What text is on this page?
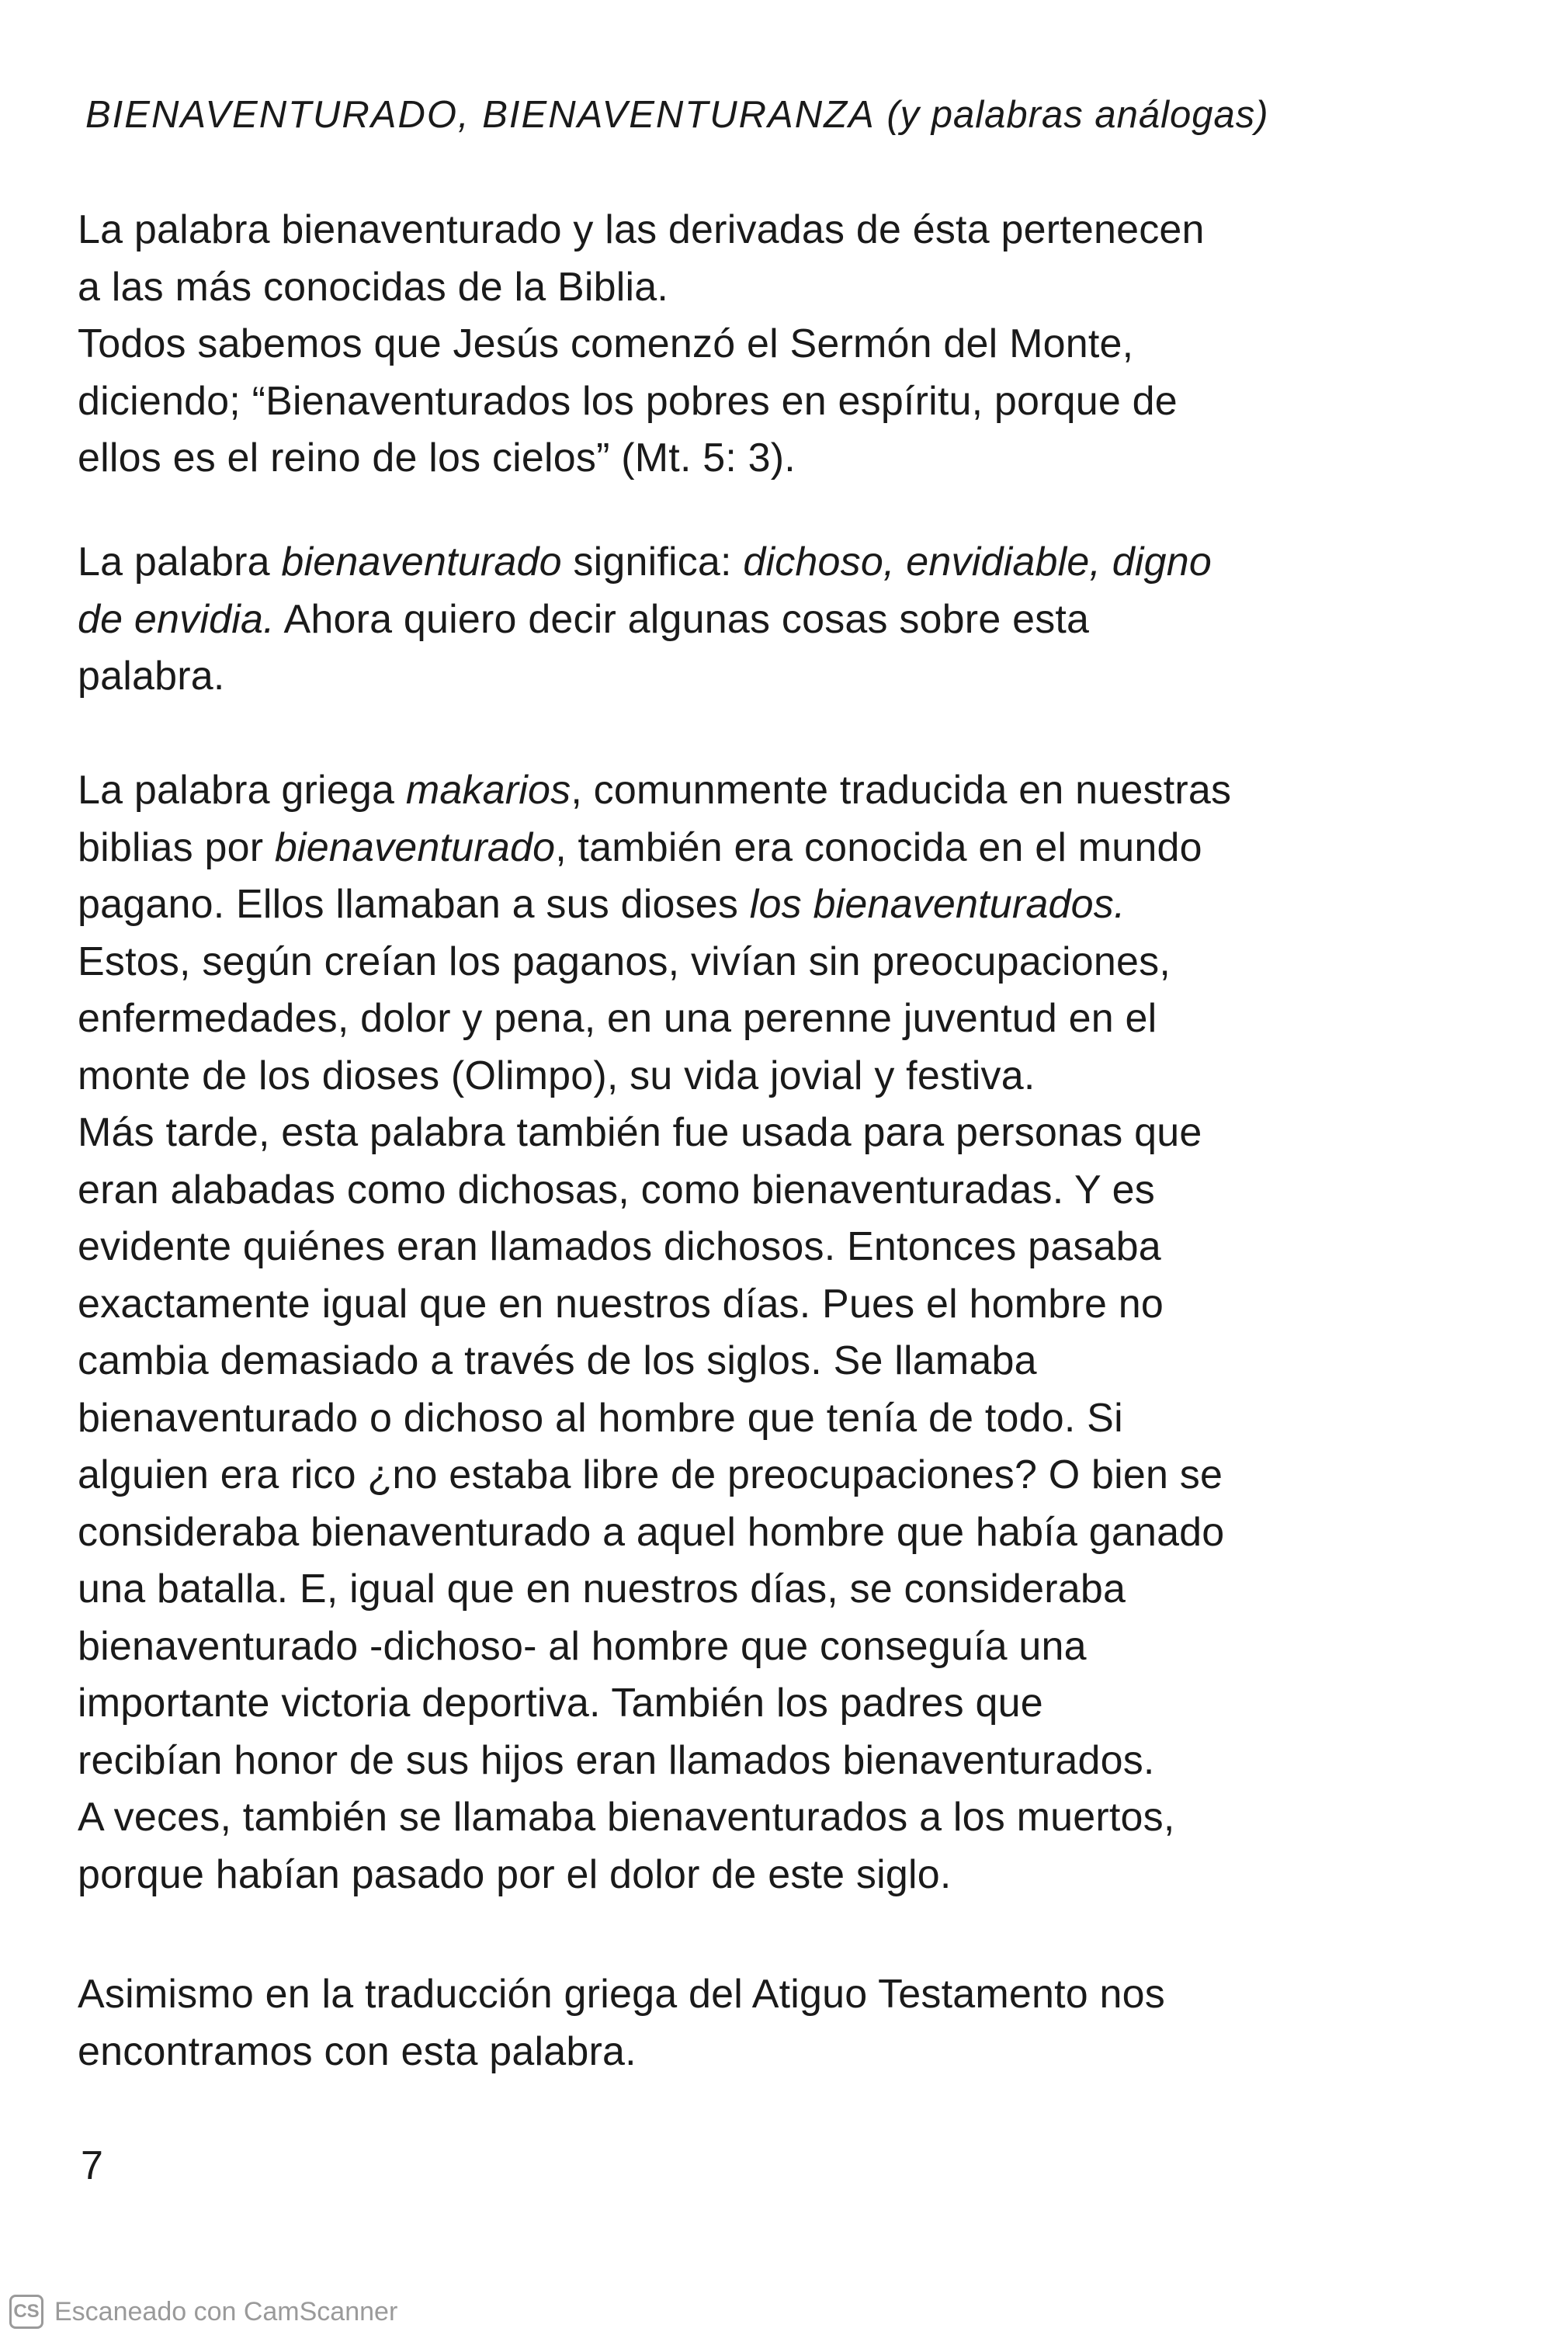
BIENAVENTURADO, BIENAVENTURANZA (y palabras análogas)
La palabra bienaventurado y las derivadas de ésta pertenecen
a las más conocidas de la Biblia.
Todos sabemos que Jesús comenzó el Sermón del Monte,
diciendo; “Bienaventurados los pobres en espíritu, porque de
ellos es el reino de los cielos” (Mt. 5: 3).
La palabra bienaventurado significa: dichoso, envidiable, digno
de envidia. Ahora quiero decir algunas cosas sobre esta
palabra.
La palabra griega makarios, comunmente traducida en nuestras
biblias por bienaventurado, también era conocida en el mundo
pagano. Ellos llamaban a sus dioses los bienaventurados.
Estos, según creían los paganos, vivían sin preocupaciones,
enfermedades, dolor y pena, en una perenne juventud en el
monte de los dioses (Olimpo), su vida jovial y festiva.
Más tarde, esta palabra también fue usada para personas que
eran alabadas como dichosas, como bienaventuradas. Y es
evidente quiénes eran llamados dichosos. Entonces pasaba
exactamente igual que en nuestros días. Pues el hombre no
cambia demasiado a través de los siglos. Se llamaba
bienaventurado o dichoso al hombre que tenía de todo. Si
alguien era rico ¿no estaba libre de preocupaciones? O bien se
consideraba bienaventurado a aquel hombre que había ganado
una batalla. E, igual que en nuestros días, se consideraba
bienaventurado -dichoso- al hombre que conseguía una
importante victoria deportiva. También los padres que
recibían honor de sus hijos eran llamados bienaventurados.
A veces, también se llamaba bienaventurados a los muertos,
porque habían pasado por el dolor de este siglo.
Asimismo en la traducción griega del Atiguo Testamento nos
encontramos con esta palabra.
7
CS Escaneado con CamScanner
